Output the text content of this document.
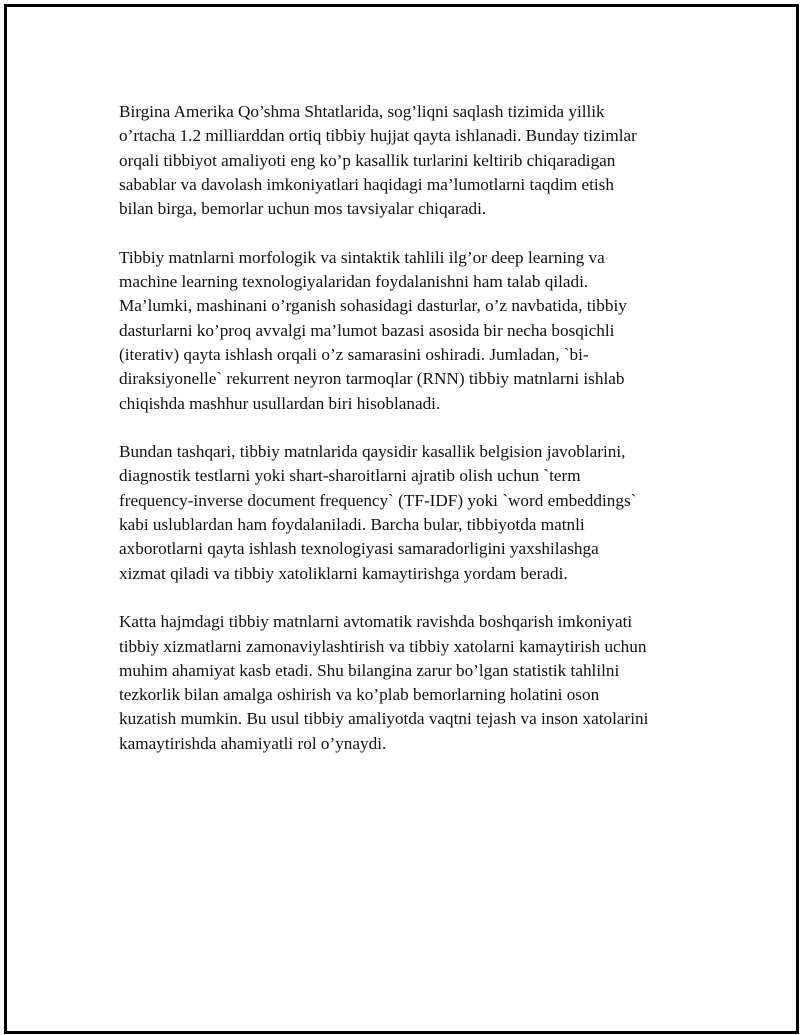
Birgina Amerika Qo’shma Shtatlarida, sog’liqni saqlash tizimida yillik
o’rtacha 1.2 milliarddan ortiq tibbiy hujjat qayta ishlanadi. Bunday tizimlar
orqali tibbiyot amaliyoti eng ko’p kasallik turlarini keltirib chiqaradigan
sabablar va davolash imkoniyatlari haqidagi ma’lumotlarni taqdim etish
bilan birga, bemorlar uchun mos tavsiyalar chiqaradi.

Tibbiy matnlarni morfologik va sintaktik tahlili ilg’or deep learning va
machine learning texnologiyalaridan foydalanishni ham talab qiladi.
Ma’lumki, mashinani o’rganish sohasidagi dasturlar, o’z navbatida, tibbiy
dasturlarni ko’proq avvalgi ma’lumot bazasi asosida bir necha bosqichli
(iterativ) qayta ishlash orqali o’z samarasini oshiradi. Jumladan, `bi-
diraksiyonelle` rekurrent neyron tarmoqlar (RNN) tibbiy matnlarni ishlab
chiqishda mashhur usullardan biri hisoblanadi.

Bundan tashqari, tibbiy matnlarida qaysidir kasallik belgision javoblarini,
diagnostik testlarni yoki shart-sharoitlarni ajratib olish uchun `term
frequency-inverse document frequency` (TF-IDF) yoki `word embeddings`
kabi uslublardan ham foydalaniladi. Barcha bular, tibbiyotda matnli
axborotlarni qayta ishlash texnologiyasi samaradorligini yaxshilashga
xizmat qiladi va tibbiy xatoliklarni kamaytirishga yordam beradi.

Katta hajmdagi tibbiy matnlarni avtomatik ravishda boshqarish imkoniyati
tibbiy xizmatlarni zamonaviylashtirish va tibbiy xatolarni kamaytirish uchun
muhim ahamiyat kasb etadi. Shu bilangina zarur bo’lgan statistik tahlilni
tezkorlik bilan amalga oshirish va ko’plab bemorlarning holatini oson
kuzatish mumkin. Bu usul tibbiy amaliyotda vaqtni tejash va inson xatolarini
kamaytirishda ahamiyatli rol o’ynaydi.
